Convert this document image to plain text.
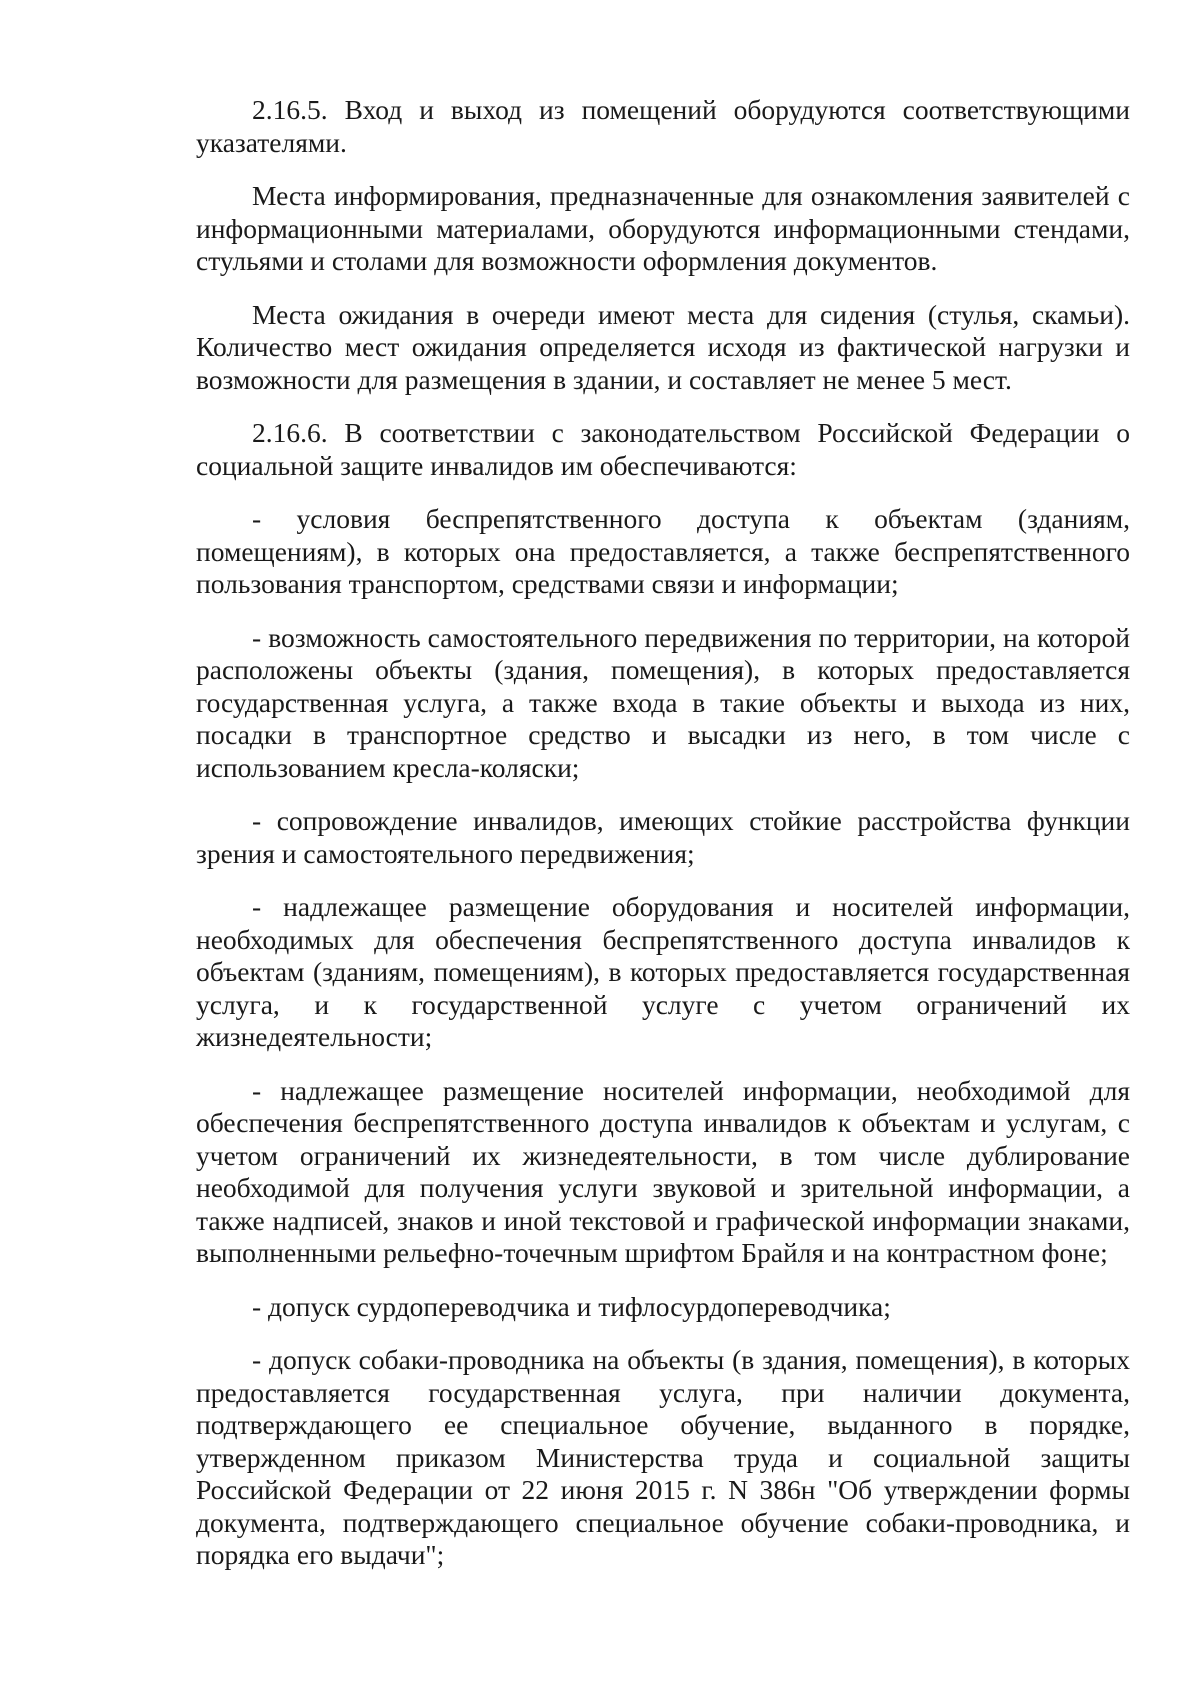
2.16.5. Вход и выход из помещений оборудуются соответствующими указателями.

Места информирования, предназначенные для ознакомления заявителей с информационными материалами, оборудуются информационными стендами, стульями и столами для возможности оформления документов.

Места ожидания в очереди имеют места для сидения (стулья, скамьи). Количество мест ожидания определяется исходя из фактической нагрузки и возможности для размещения в здании, и составляет не менее 5 мест.

2.16.6. В соответствии с законодательством Российской Федерации о социальной защите инвалидов им обеспечиваются:

- условия беспрепятственного доступа к объектам (зданиям, помещениям), в которых она предоставляется, а также беспрепятственного пользования транспортом, средствами связи и информации;

- возможность самостоятельного передвижения по территории, на которой расположены объекты (здания, помещения), в которых предоставляется государственная услуга, а также входа в такие объекты и выхода из них, посадки в транспортное средство и высадки из него, в том числе с использованием кресла-коляски;

- сопровождение инвалидов, имеющих стойкие расстройства функции зрения и самостоятельного передвижения;

- надлежащее размещение оборудования и носителей информации, необходимых для обеспечения беспрепятственного доступа инвалидов к объектам (зданиям, помещениям), в которых предоставляется государственная услуга, и к государственной услуге с учетом ограничений их жизнедеятельности;

- надлежащее размещение носителей информации, необходимой для обеспечения беспрепятственного доступа инвалидов к объектам и услугам, с учетом ограничений их жизнедеятельности, в том числе дублирование необходимой для получения услуги звуковой и зрительной информации, а также надписей, знаков и иной текстовой и графической информации знаками, выполненными рельефно-точечным шрифтом Брайля и на контрастном фоне;

- допуск сурдопереводчика и тифлосурдопереводчика;

- допуск собаки-проводника на объекты (в здания, помещения), в которых предоставляется государственная услуга, при наличии документа, подтверждающего ее специальное обучение, выданного в порядке, утвержденном приказом Министерства труда и социальной защиты Российской Федерации от 22 июня 2015 г. N 386н "Об утверждении формы документа, подтверждающего специальное обучение собаки-проводника, и порядка его выдачи";
